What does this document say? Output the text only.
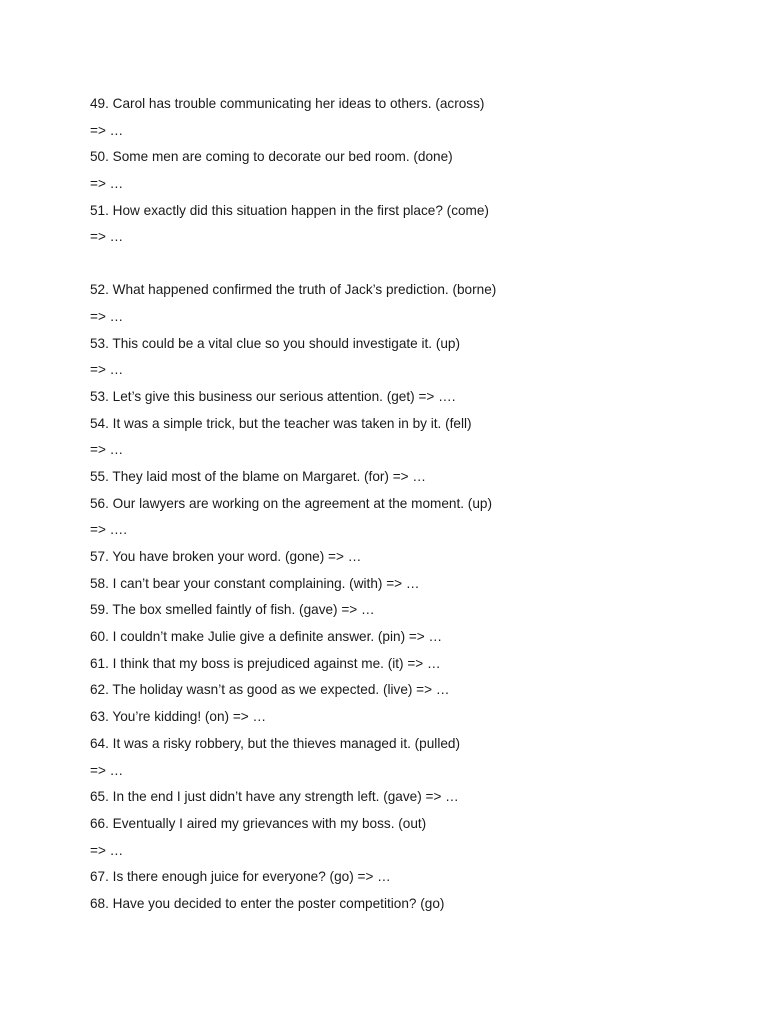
49. Carol has trouble communicating her ideas to others. (across)
=> …
50. Some men are coming to decorate our bed room. (done)
=> …
51. How exactly did this situation happen in the first place? (come)
=> …
52. What happened confirmed the truth of Jack’s prediction. (borne)
=> …
53. This could be a vital clue so you should investigate it. (up)
=> …
53. Let’s give this business our serious attention. (get) => ….
54. It was a simple trick, but the teacher was taken in by it. (fell)
=> …
55. They laid most of the blame on Margaret. (for) => …
56. Our lawyers are working on the agreement at the moment. (up)
=> ….
57. You have broken your word. (gone) => …
58. I can’t bear your constant complaining. (with) => …
59. The box smelled faintly of fish. (gave) => …
60. I couldn’t make Julie give a definite answer. (pin) => …
61. I think that my boss is prejudiced against me. (it) => …
62. The holiday wasn’t as good as we expected. (live) => …
63. You’re kidding! (on) => …
64. It was a risky robbery, but the thieves managed it. (pulled)
=> …
65. In the end I just didn’t have any strength left. (gave) => …
66. Eventually I aired my grievances with my boss. (out)
=> …
67. Is there enough juice for everyone? (go) => …
68. Have you decided to enter the poster competition? (go)
